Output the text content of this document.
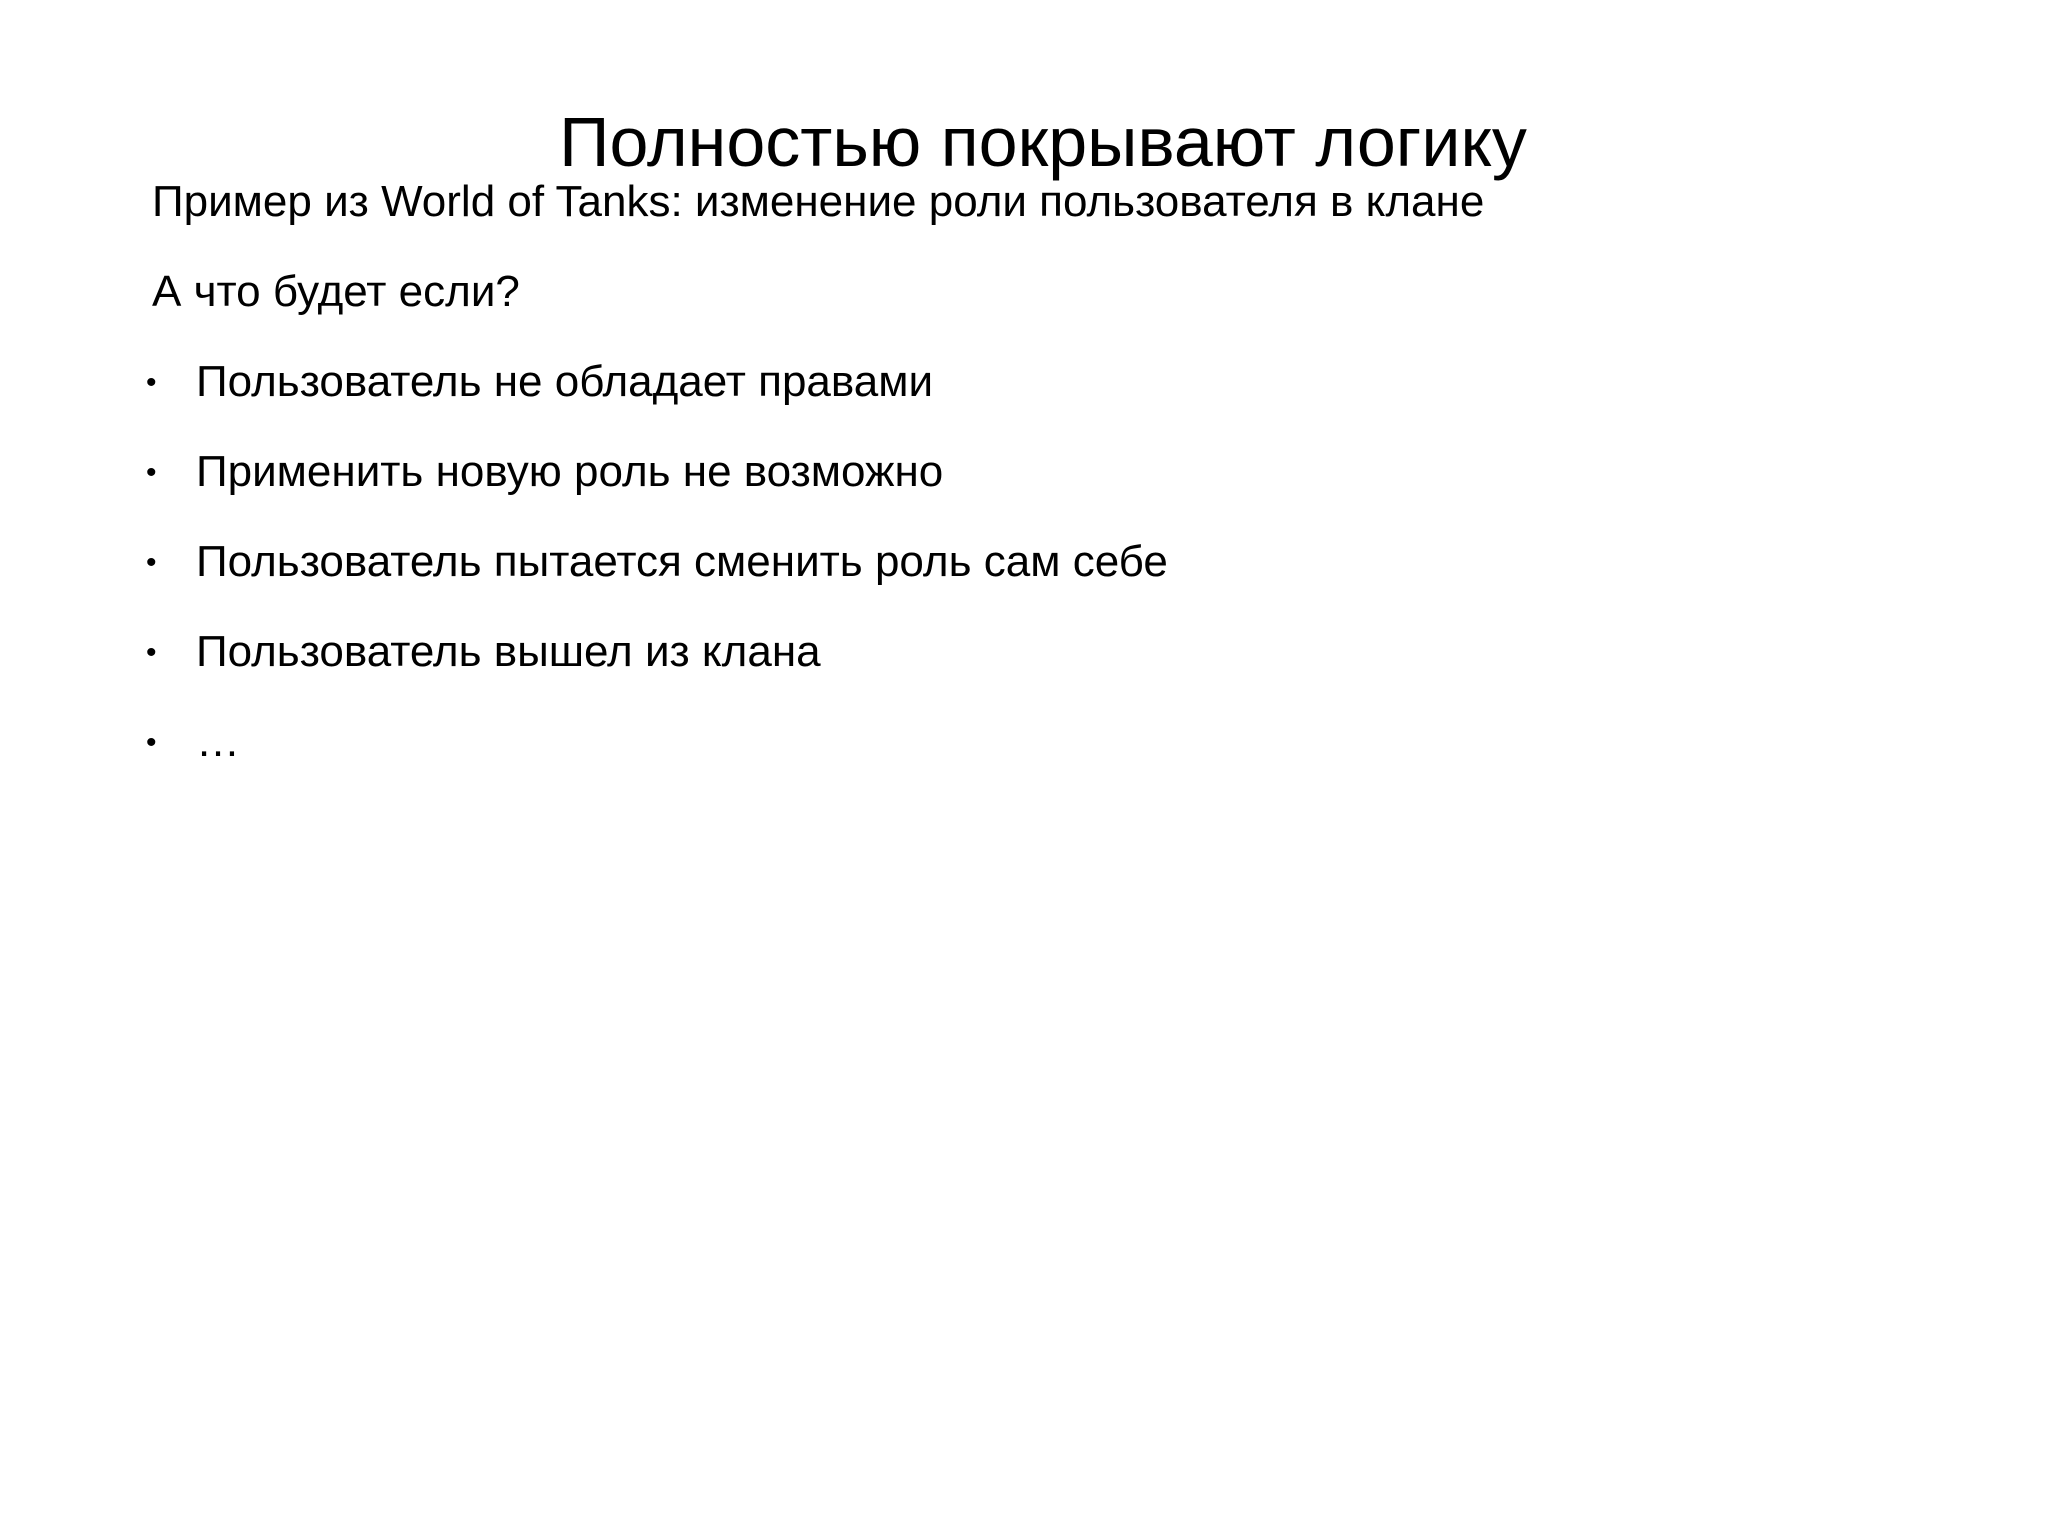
Полностью покрывают логику
Пример из World of Tanks: изменение роли пользователя в клане
А что будет если?
• Пользователь не обладает правами
• Применить новую роль не возможно
• Пользователь пытается сменить роль сам себе
• Пользователь вышел из клана
• …
